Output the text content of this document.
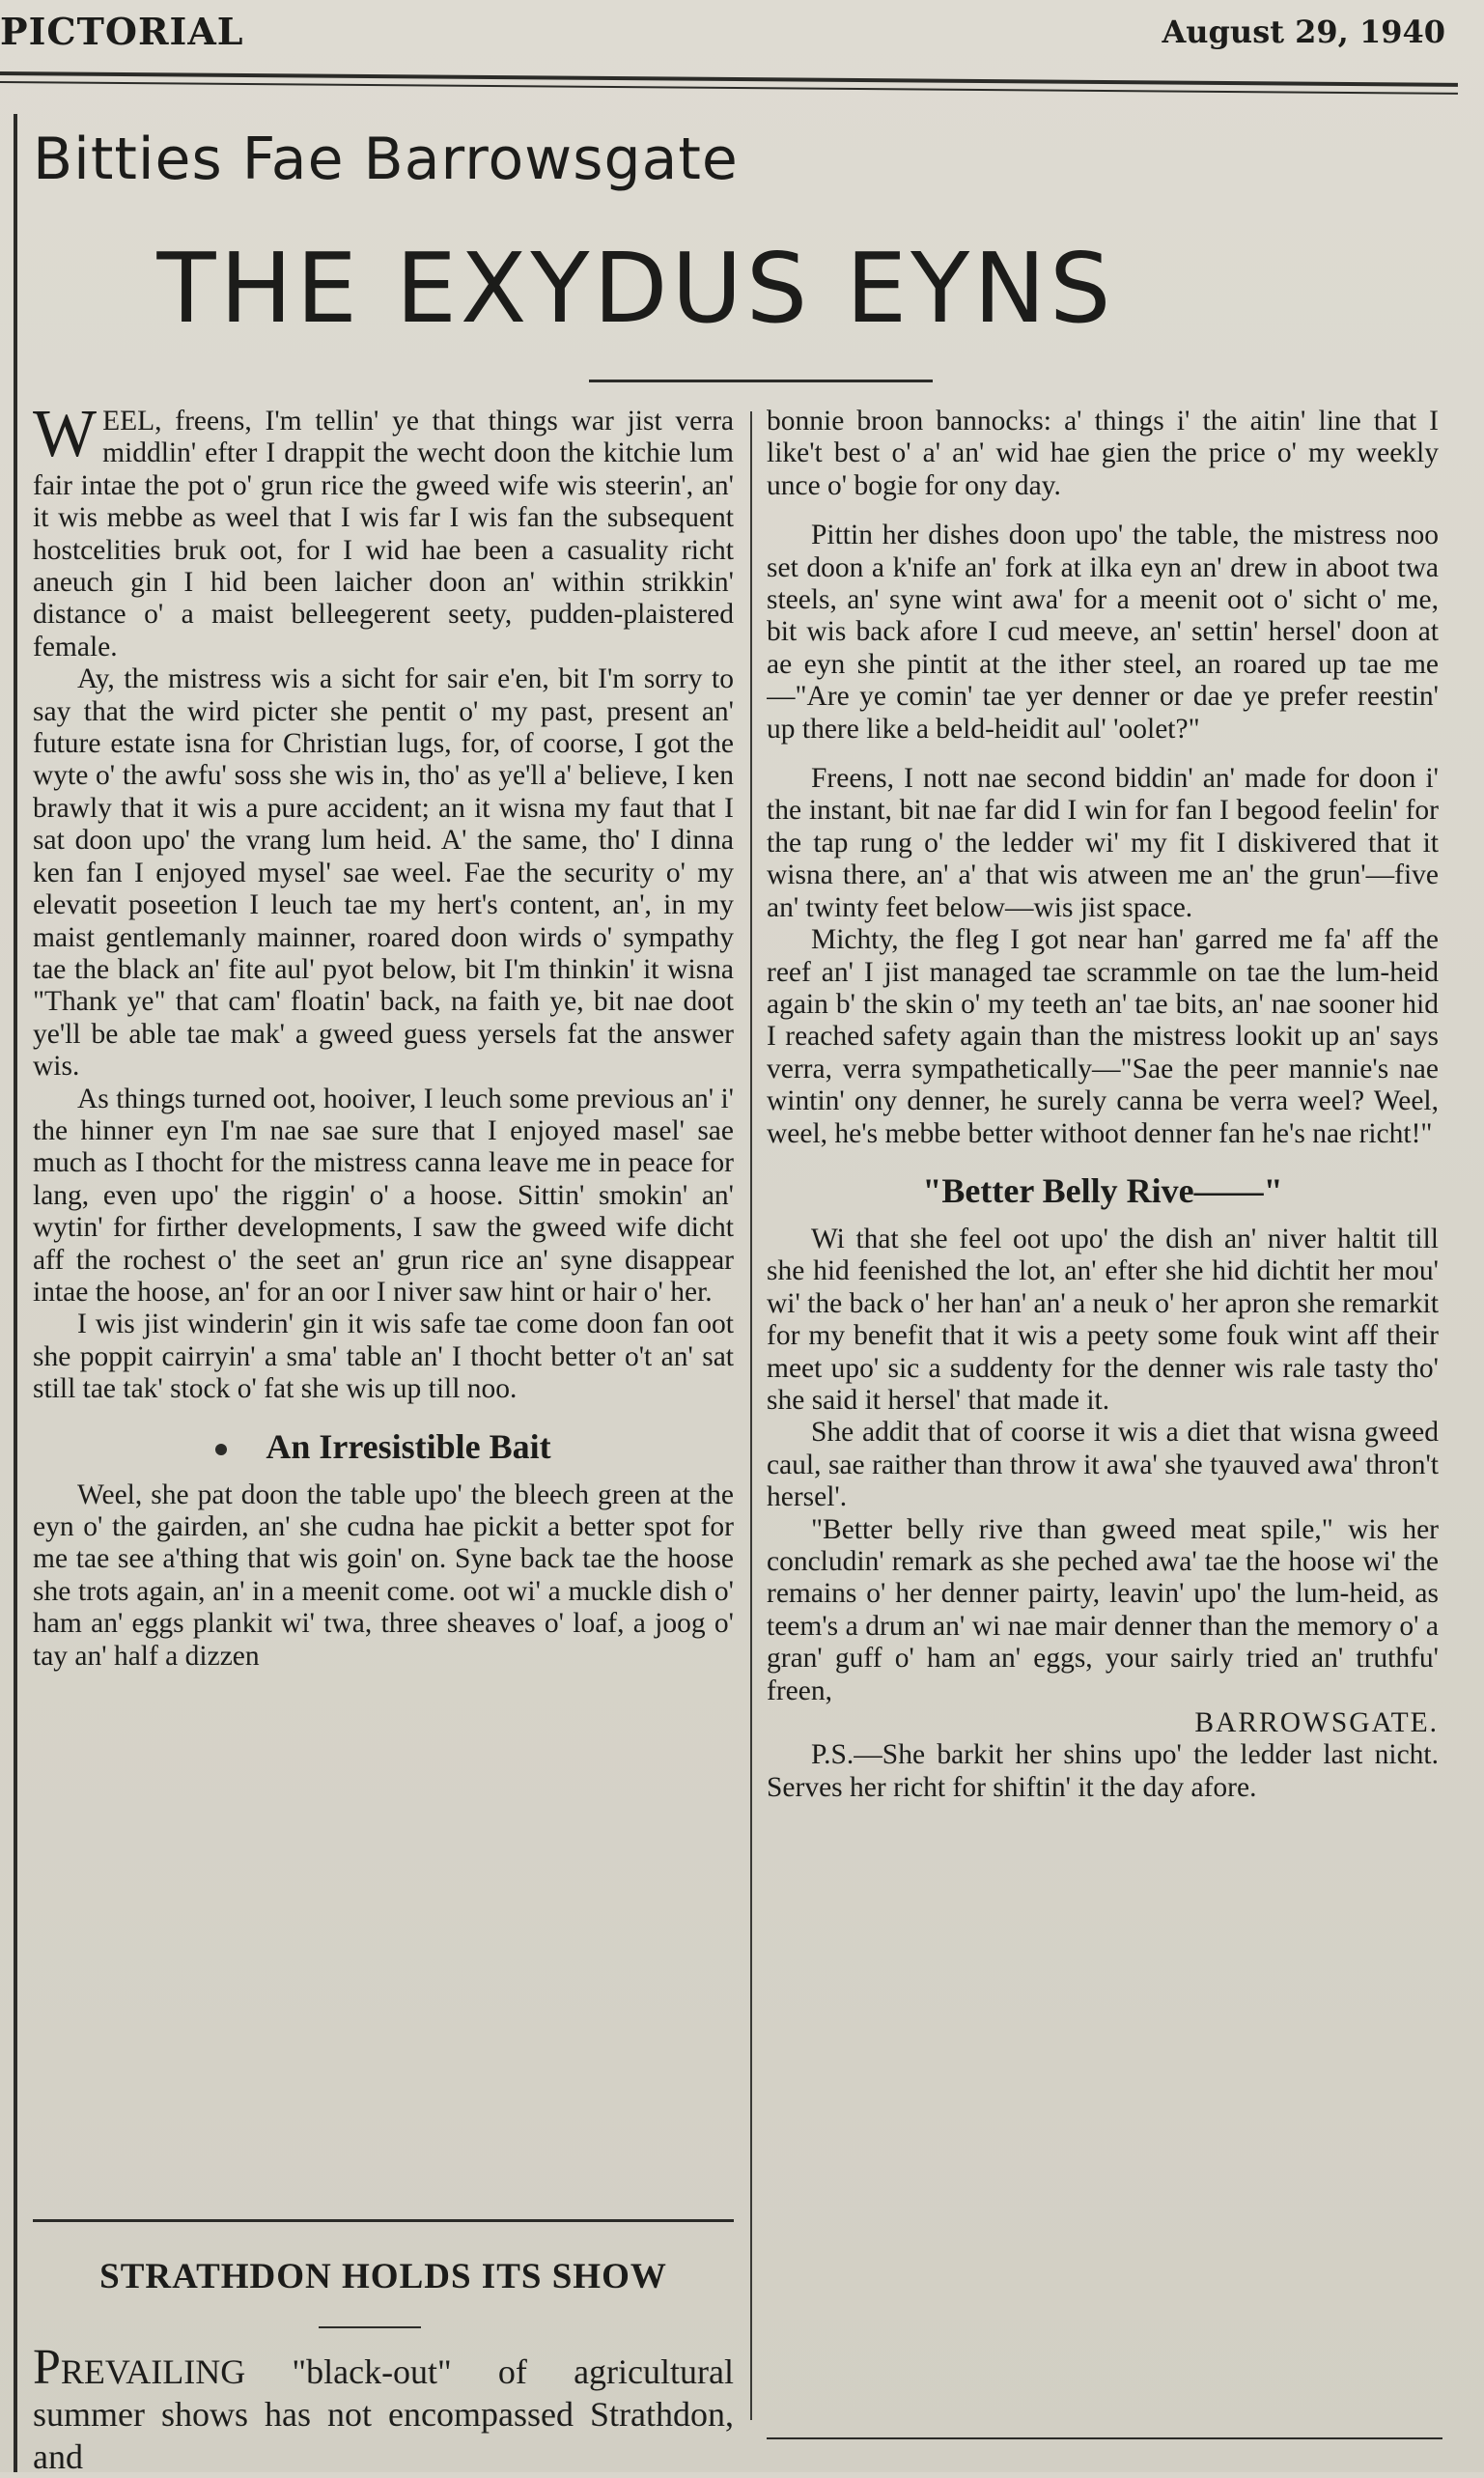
PICTORIAL	August 29, 1940
Bitties Fae Barrowsgate
THE EXYDUS EYNS

WEEL, freens, I'm tellin' ye that things war jist verra middlin' efter I drappit the wecht doon the kitchie lum fair intae the pot o' grun rice the gweed wife wis steerin', an' it wis mebbe as weel that I wis far I wis fan the subsequent hostcelities bruk oot, for I wid hae been a casuality richt aneuch gin I hid been laicher doon an' within strikkin' distance o' a maist belleegerent seety, pudden-plaistered female.

Ay, the mistress wis a sicht for sair e'en, bit I'm sorry to say that the wird picter she pentit o' my past, present an' future estate isna for Christian lugs, for, of coorse, I got the wyte o' the awfu' soss she wis in, tho' as ye'll a' believe, I ken brawly that it wis a pure accident; an it wisna my faut that I sat doon upo' the vrang lum heid. A' the same, tho' I dinna ken fan I enjoyed mysel' sae weel. Fae the security o' my elevatit poseetion I leuch tae my hert's content, an', in my maist gentlemanly mainner, roared doon wirds o' sympathy tae the black an' fite aul' pyot below, bit I'm thinkin' it wisna "Thank ye" that cam' floatin' back, na faith ye, bit nae doot ye'll be able tae mak' a gweed guess yersels fat the answer wis.

As things turned oot, hooiver, I leuch some previous an' i' the hinner eyn I'm nae sae sure that I enjoyed masel' sae much as I thocht for the mistress canna leave me in peace for lang, even upo' the riggin' o' a hoose. Sittin' smokin' an' wytin' for firther developments, I saw the gweed wife dicht aff the rochest o' the seet an' grun rice an' syne disappear intae the hoose, an' for an oor I niver saw hint or hair o' her.

I wis jist winderin' gin it wis safe tae come doon fan oot she poppit cairryin' a sma' table an' I thocht better o't an' sat still tae tak' stock o' fat she wis up till noo.

An Irresistible Bait

Weel, she pat doon the table upo' the bleech green at the eyn o' the gairden, an' she cudna hae pickit a better spot for me tae see a'thing that wis goin' on. Syne back tae the hoose she trots again, an' in a meenit come. oot wi' a muckle dish o' ham an' eggs plankit wi' twa, three sheaves o' loaf, a joog o' tay an' half a dizzen

bonnie broon bannocks: a' things i' the aitin' line that I like't best o' a' an' wid hae gien the price o' my weekly unce o' bogie for ony day.

Pittin her dishes doon upo' the table, the mistress noo set doon a k'nife an' fork at ilka eyn an' drew in aboot twa steels, an' syne wint awa' for a meenit oot o' sicht o' me, bit wis back afore I cud meeve, an' settin' hersel' doon at ae eyn she pintit at the ither steel, an roared up tae me—"Are ye comin' tae yer denner or dae ye prefer reestin' up there like a beld-heidit aul' 'oolet?"

Freens, I nott nae second biddin' an' made for doon i' the instant, bit nae far did I win for fan I begood feelin' for the tap rung o' the ledder wi' my fit I diskivered that it wisna there, an' a' that wis atween me an' the grun'—five an' twinty feet below—wis jist space.

Michty, the fleg I got near han' garred me fa' aff the reef an' I jist managed tae scrammle on tae the lum-heid again b' the skin o' my teeth an' tae bits, an' nae sooner hid I reached safety again than the mistress lookit up an' says verra, verra sympathetically—"Sae the peer mannie's nae wintin' ony denner, he surely canna be verra weel? Weel, weel, he's mebbe better withoot denner fan he's nae richt!"

"Better Belly Rive——"

Wi that she feel oot upo' the dish an' niver haltit till she hid feenished the lot, an' efter she hid dichtit her mou' wi' the back o' her han' an' a neuk o' her apron she remarkit for my benefit that it wis a peety some fouk wint aff their meet upo' sic a suddenty for the denner wis rale tasty tho' she said it hersel' that made it.

She addit that of coorse it wis a diet that wisna gweed caul, sae raither than throw it awa' she tyauved awa' thron't hersel'.

"Better belly rive than gweed meat spile," wis her concludin' remark as she peched awa' tae the hoose wi' the remains o' her denner pairty, leavin' upo' the lum-heid, as teem's a drum an' wi nae mair denner than the memory o' a gran' guff o' ham an' eggs, your sairly tried an' truthfu' freen,

BARROWSGATE.

P.S.—She barkit her shins upo' the ledder last nicht. Serves her richt for shiftin' it the day afore.

STRATHDON HOLDS ITS SHOW
PREVAILING "black-out" of agricultural summer shows has not encompassed Strathdon, and
